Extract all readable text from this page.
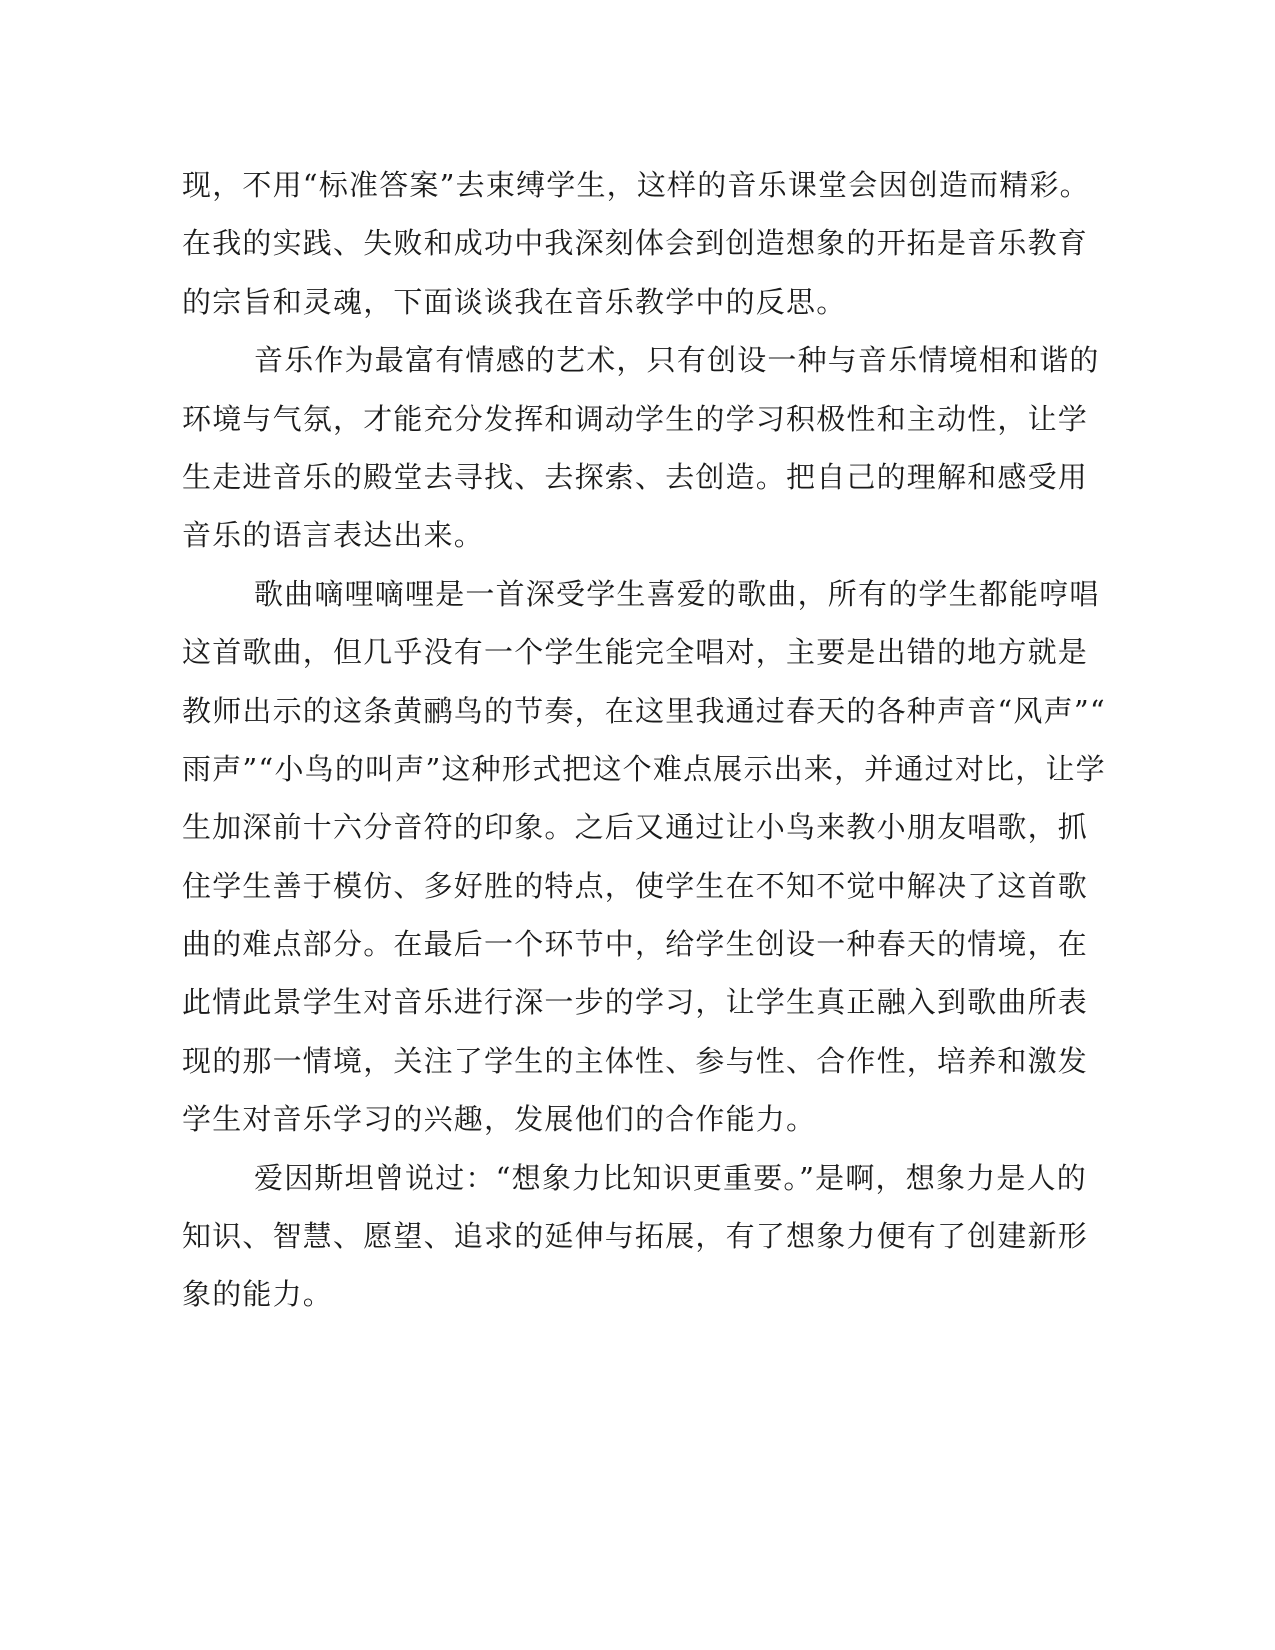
现，不用“标准答案”去束缚学生，这样的音乐课堂会因创造而精彩。
在我的实践、失败和成功中我深刻体会到创造想象的开拓是音乐教育
的宗旨和灵魂，下面谈谈我在音乐教学中的反思。
音乐作为最富有情感的艺术，只有创设一种与音乐情境相和谐的
环境与气氛，才能充分发挥和调动学生的学习积极性和主动性，让学
生走进音乐的殿堂去寻找、去探索、去创造。把自己的理解和感受用
音乐的语言表达出来。
歌曲嘀哩嘀哩是一首深受学生喜爱的歌曲，所有的学生都能哼唱
这首歌曲，但几乎没有一个学生能完全唱对，主要是出错的地方就是
教师出示的这条黄鹂鸟的节奏，在这里我通过春天的各种声音“风声”“
雨声”“小鸟的叫声”这种形式把这个难点展示出来，并通过对比，让学
生加深前十六分音符的印象。之后又通过让小鸟来教小朋友唱歌，抓
住学生善于模仿、多好胜的特点，使学生在不知不觉中解决了这首歌
曲的难点部分。在最后一个环节中，给学生创设一种春天的情境，在
此情此景学生对音乐进行深一步的学习，让学生真正融入到歌曲所表
现的那一情境，关注了学生的主体性、参与性、合作性，培养和激发
学生对音乐学习的兴趣，发展他们的合作能力。
爱因斯坦曾说过：“想象力比知识更重要。”是啊，想象力是人的
知识、智慧、愿望、追求的延伸与拓展，有了想象力便有了创建新形
象的能力。
